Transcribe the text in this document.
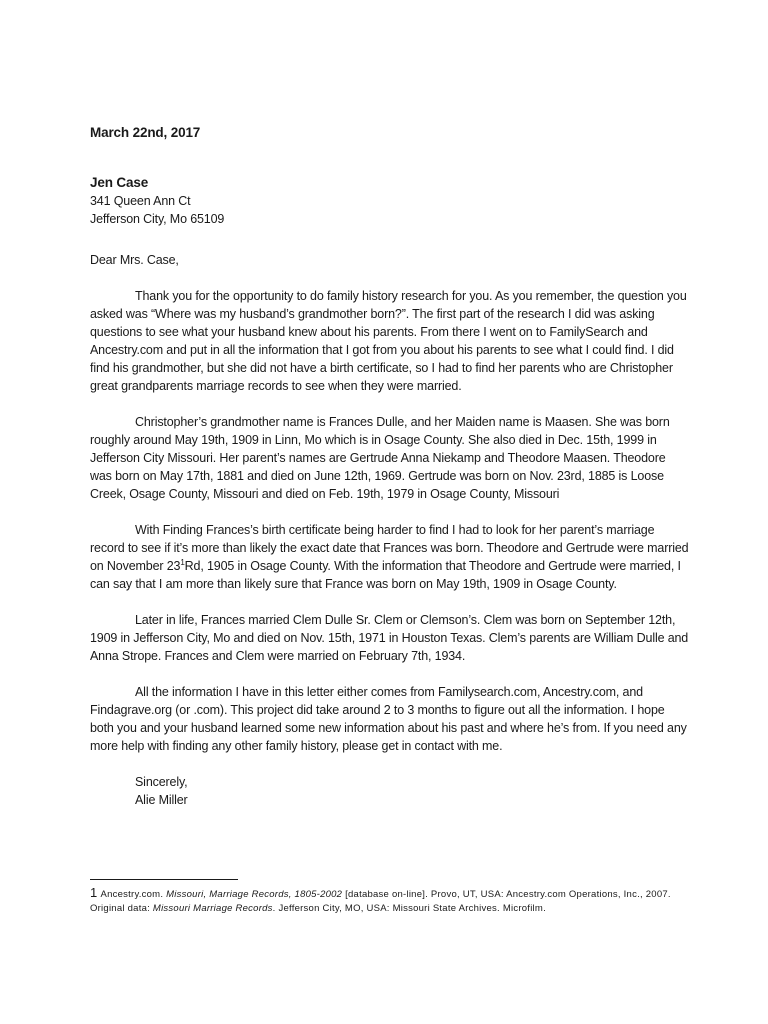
March 22nd, 2017

Jen Case

341 Queen Ann Ct

Jefferson City, Mo 65109

Dear Mrs. Case,

Thank you for the opportunity to do family history research for you. As you remember, the question you asked was “Where was my husband’s grandmother born?”. The first part of the research I did was asking questions to see what your husband knew about his parents. From there I went on to FamilySearch and Ancestry.com and put in all the information that I got from you about his parents to see what I could find. I did find his grandmother, but she did not have a birth certificate, so I had to find her parents who are Christopher great grandparents marriage records to see when they were married.

Christopher’s grandmother name is Frances Dulle, and her Maiden name is Maasen. She was born roughly around May 19th, 1909 in Linn, Mo which is in Osage County. She also died in Dec. 15th, 1999 in Jefferson City Missouri. Her parent’s names are Gertrude Anna Niekamp and Theodore Maasen. Theodore was born on May 17th, 1881 and died on June 12th, 1969. Gertrude was born on Nov. 23rd, 1885 is Loose Creek, Osage County, Missouri and died on Feb. 19th, 1979 in Osage County, Missouri

With Finding Frances’s birth certificate being harder to find I had to look for her parent’s marriage record to see if it’s more than likely the exact date that Frances was born. Theodore and Gertrude were married on November $23^1Rd$, 1905 in Osage County. With the information that Theodore and Gertrude were married, I can say that I am more than likely sure that France was born on May 19th, 1909 in Osage County.

Later in life, Frances married Clem Dulle Sr. Clem or Clemson’s. Clem was born on September 12th, 1909 in Jefferson City, Mo and died on Nov. 15th, 1971 in Houston Texas. Clem’s parents are William Dulle and Anna Strope. Frances and Clem were married on February 7th, 1934.

All the information I have in this letter either comes from Familysearch.com, Ancestry.com, and Findagrave.org (or .com). This project did take around 2 to 3 months to figure out all the information. I hope both you and your husband learned some new information about his past and where he’s from. If you need any more help with finding any other family history, please get in contact with me.

Sincerely,

Alie Miller

1 Ancestry.com. Missouri, Marriage Records, 1805-2002 [database on-line]. Provo, UT, USA: Ancestry.com Operations, Inc., 2007.
Original data: Missouri Marriage Records. Jefferson City, MO, USA: Missouri State Archives. Microfilm.
